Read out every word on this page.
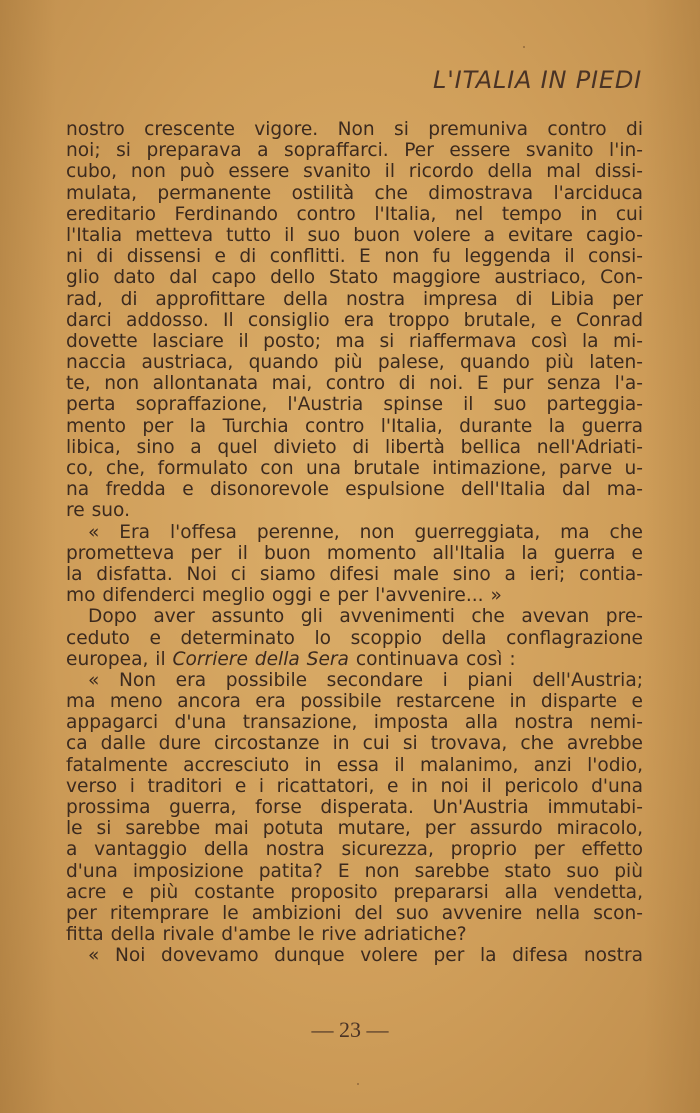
L'ITALIA IN PIEDI
nostro crescente vigore. Non si premuniva contro di
noi; si preparava a sopraffarci. Per essere svanito l'in-
cubo, non può essere svanito il ricordo della mal dissi-
mulata, permanente ostilità che dimostrava l'arciduca
ereditario Ferdinando contro l'Italia, nel tempo in cui
l'Italia metteva tutto il suo buon volere a evitare cagio-
ni di dissensi e di conflitti. E non fu leggenda il consi-
glio dato dal capo dello Stato maggiore austriaco, Con-
rad, di approfittare della nostra impresa di Libia per
darci addosso. Il consiglio era troppo brutale, e Conrad
dovette lasciare il posto; ma si riaffermava così la mi-
naccia austriaca, quando più palese, quando più laten-
te, non allontanata mai, contro di noi. E pur senza l'a-
perta sopraffazione, l'Austria spinse il suo parteggia-
mento per la Turchia contro l'Italia, durante la guerra
libica, sino a quel divieto di libertà bellica nell'Adriati-
co, che, formulato con una brutale intimazione, parve u-
na fredda e disonorevole espulsione dell'Italia dal ma-
re suo.
« Era l'offesa perenne, non guerreggiata, ma che
prometteva per il buon momento all'Italia la guerra e
la disfatta. Noi ci siamo difesi male sino a ieri; contia-
mo difenderci meglio oggi e per l'avvenire... »
Dopo aver assunto gli avvenimenti che avevan pre-
ceduto e determinato lo scoppio della conflagrazione
europea, il Corriere della Sera continuava così :
« Non era possibile secondare i piani dell'Austria;
ma meno ancora era possibile restarcene in disparte e
appagarci d'una transazione, imposta alla nostra nemi-
ca dalle dure circostanze in cui si trovava, che avrebbe
fatalmente accresciuto in essa il malanimo, anzi l'odio,
verso i traditori e i ricattatori, e in noi il pericolo d'una
prossima guerra, forse disperata. Un'Austria immutabi-
le si sarebbe mai potuta mutare, per assurdo miracolo,
a vantaggio della nostra sicurezza, proprio per effetto
d'una imposizione patita? E non sarebbe stato suo più
acre e più costante proposito prepararsi alla vendetta,
per ritemprare le ambizioni del suo avvenire nella scon-
fitta della rivale d'ambe le rive adriatiche?
« Noi dovevamo dunque volere per la difesa nostra
— 23 —
